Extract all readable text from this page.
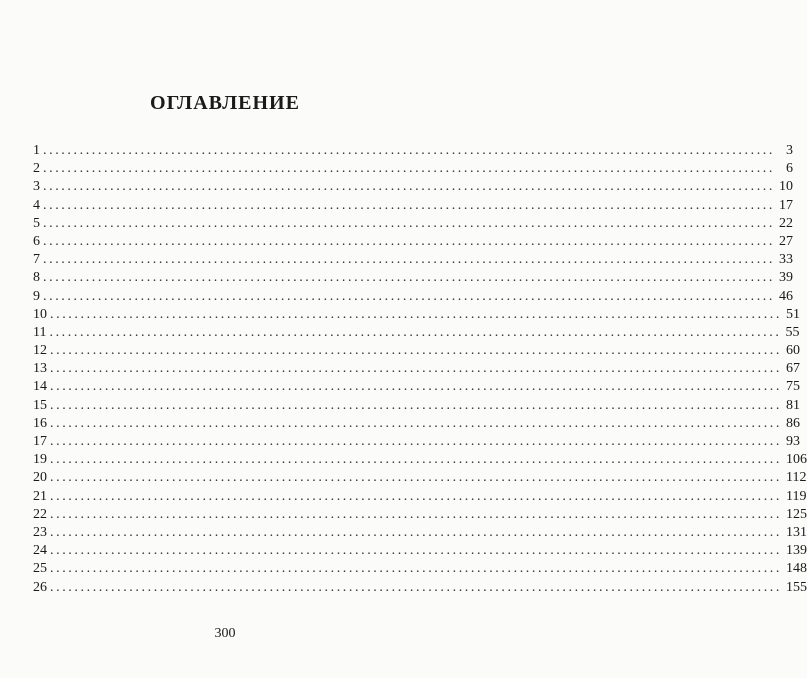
ОГЛАВЛЕНИЕ
1 ........................................................................................................................ 3
2 ........................................................................................................................ 6
3 ........................................................................................................................ 10
4 ........................................................................................................................ 17
5 ........................................................................................................................ 22
6 ........................................................................................................................ 27
7 ........................................................................................................................ 33
8 ........................................................................................................................ 39
9 ........................................................................................................................ 46
10 ........................................................................................................................ 51
11 ........................................................................................................................ 55
12 ........................................................................................................................ 60
13 ........................................................................................................................ 67
14 ........................................................................................................................ 75
15 ........................................................................................................................ 81
16 ........................................................................................................................ 86
17 ........................................................................................................................ 93
19 ........................................................................................................................ 106
20 ........................................................................................................................ 112
21 ........................................................................................................................ 119
22 ........................................................................................................................ 125
23 ........................................................................................................................ 131
24 ........................................................................................................................ 139
25 ........................................................................................................................ 148
26 ........................................................................................................................ 155
300
